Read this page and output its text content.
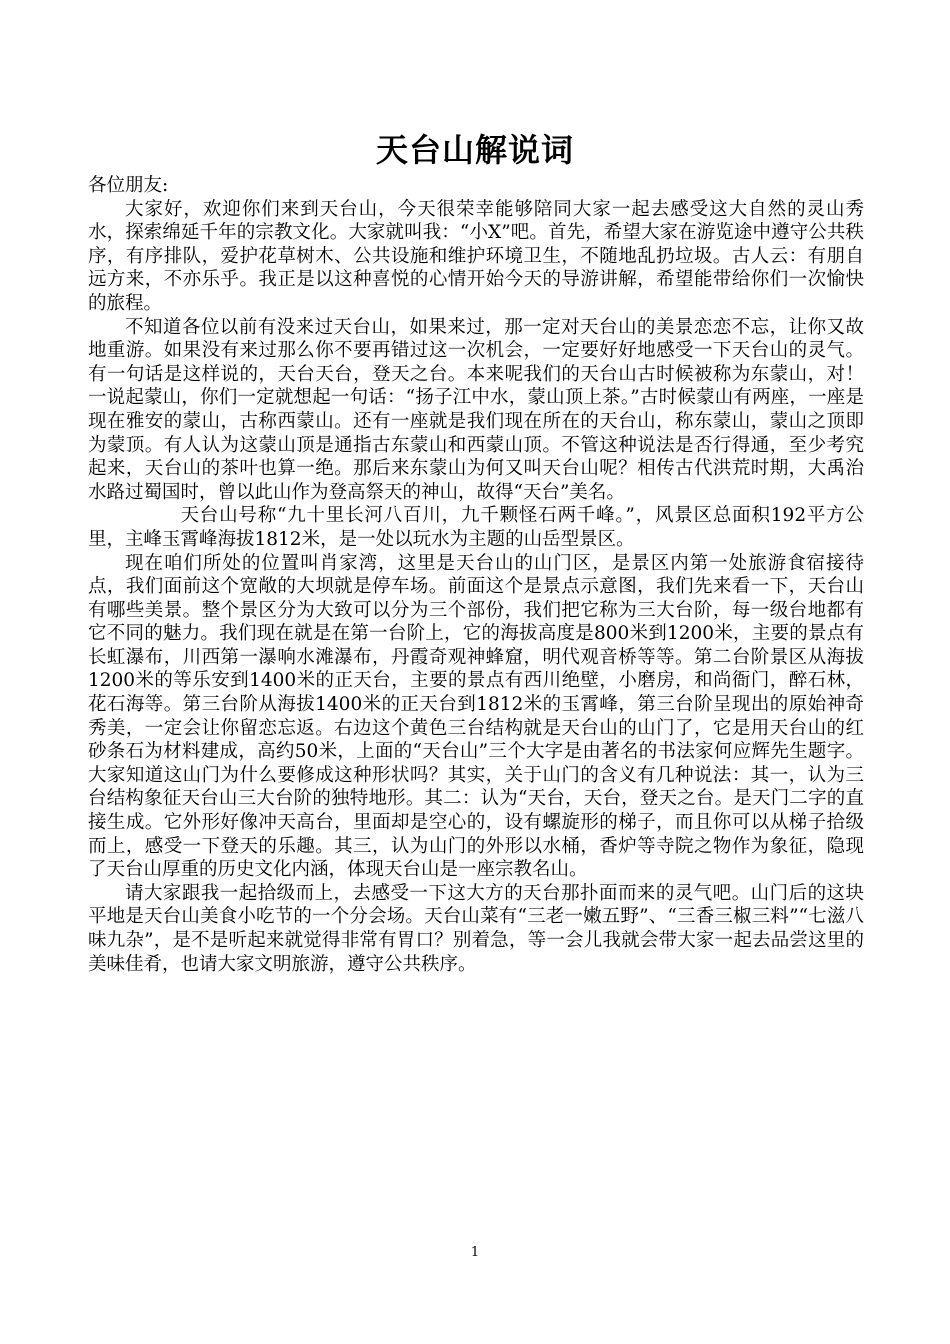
天台山解说词

各位朋友:

大家好，欢迎你们来到天台山，今天很荣幸能够陪同大家一起去感受这大自然的灵山秀水，探索绵延千年的宗教文化。大家就叫我：“小X”吧。首先，希望大家在游览途中遵守公共秩序，有序排队，爱护花草树木、公共设施和维护环境卫生，不随地乱扔垃圾。古人云：有朋自远方来，不亦乐乎。我正是以这种喜悦的心情开始今天的导游讲解，希望能带给你们一次愉快的旅程。

不知道各位以前有没来过天台山，如果来过，那一定对天台山的美景恋恋不忘，让你又故地重游。如果没有来过那么你不要再错过这一次机会，一定要好好地感受一下天台山的灵气。有一句话是这样说的，天台天台，登天之台。本来呢我们的天台山古时候被称为东蒙山，对！一说起蒙山，你们一定就想起一句话：“扬子江中水，蒙山顶上茶。”古时候蒙山有两座，一座是现在雅安的蒙山，古称西蒙山。还有一座就是我们现在所在的天台山，称东蒙山，蒙山之顶即为蒙顶。有人认为这蒙山顶是通指古东蒙山和西蒙山顶。不管这种说法是否行得通，至少考究起来，天台山的茶叶也算一绝。那后来东蒙山为何又叫天台山呢？相传古代洪荒时期，大禹治水路过蜀国时，曾以此山作为登高祭天的神山，故得“天台”美名。

天台山号称“九十里长河八百川，九千颗怪石两千峰。”，风景区总面积192平方公里，主峰玉霄峰海拔1812米，是一处以玩水为主题的山岳型景区。

现在咱们所处的位置叫肖家湾，这里是天台山的山门区，是景区内第一处旅游食宿接待点，我们面前这个宽敞的大坝就是停车场。前面这个是景点示意图，我们先来看一下，天台山有哪些美景。整个景区分为大致可以分为三个部份，我们把它称为三大台阶，每一级台地都有它不同的魅力。我们现在就是在第一台阶上，它的海拔高度是800米到1200米，主要的景点有长虹瀑布，川西第一瀑响水滩瀑布，丹霞奇观神蜂窟，明代观音桥等等。第二台阶景区从海拔 1200米的等乐安到1400米的正天台，主要的景点有西川绝壁，小磨房，和尚衙门，醉石林，花石海等。第三台阶从海拔1400米的正天台到1812米的玉霄峰，第三台阶呈现出的原始神奇秀美，一定会让你留恋忘返。右边这个黄色三台结构就是天台山的山门了，它是用天台山的红砂条石为材料建成，高约50米，上面的“天台山”三个大字是由著名的书法家何应辉先生题字。大家知道这山门为什么要修成这种形状吗？其实，关于山门的含义有几种说法：其一，认为三台结构象征天台山三大台阶的独特地形。其二：认为“天台，天台，登天之台。是天门二字的直接生成。它外形好像冲天高台，里面却是空心的，设有螺旋形的梯子，而且你可以从梯子拾级而上，感受一下登天的乐趣。其三，认为山门的外形以水桶，香炉等寺院之物作为象征，隐现了天台山厚重的历史文化内涵，体现天台山是一座宗教名山。

请大家跟我一起拾级而上，去感受一下这大方的天台那扑面而来的灵气吧。山门后的这块平地是天台山美食小吃节的一个分会场。天台山菜有“三老一嫩五野”、“三香三椒三料”“七滋八味九杂”，是不是听起来就觉得非常有胃口？别着急，等一会儿我就会带大家一起去品尝这里的美味佳肴，也请大家文明旅游，遵守公共秩序。

1
